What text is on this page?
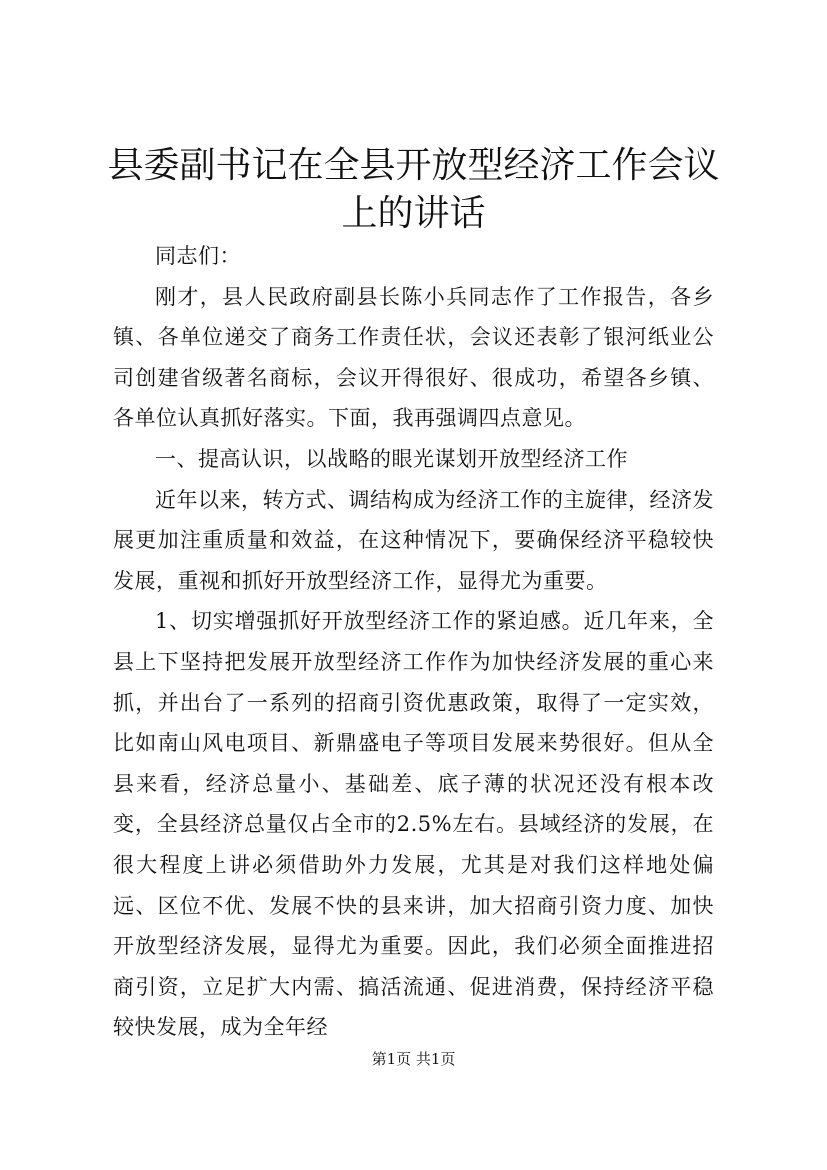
县委副书记在全县开放型经济工作会议上的讲话

同志们：

刚才，县人民政府副县长陈小兵同志作了工作报告，各乡镇、各单位递交了商务工作责任状，会议还表彰了银河纸业公司创建省级著名商标，会议开得很好、很成功，希望各乡镇、各单位认真抓好落实。下面，我再强调四点意见。

一、提高认识，以战略的眼光谋划开放型经济工作

近年以来，转方式、调结构成为经济工作的主旋律，经济发展更加注重质量和效益，在这种情况下，要确保经济平稳较快发展，重视和抓好开放型经济工作，显得尤为重要。

1、切实增强抓好开放型经济工作的紧迫感。近几年来，全县上下坚持把发展开放型经济工作作为加快经济发展的重心来抓，并出台了一系列的招商引资优惠政策，取得了一定实效，比如南山风电项目、新鼎盛电子等项目发展来势很好。但从全县来看，经济总量小、基础差、底子薄的状况还没有根本改变，全县经济总量仅占全市的2.5%左右。县域经济的发展，在很大程度上讲必须借助外力发展，尤其是对我们这样地处偏远、区位不优、发展不快的县来讲，加大招商引资力度、加快开放型经济发展，显得尤为重要。因此，我们必须全面推进招商引资，立足扩大内需、搞活流通、促进消费，保持经济平稳较快发展，成为全年经

第1页 共1页
